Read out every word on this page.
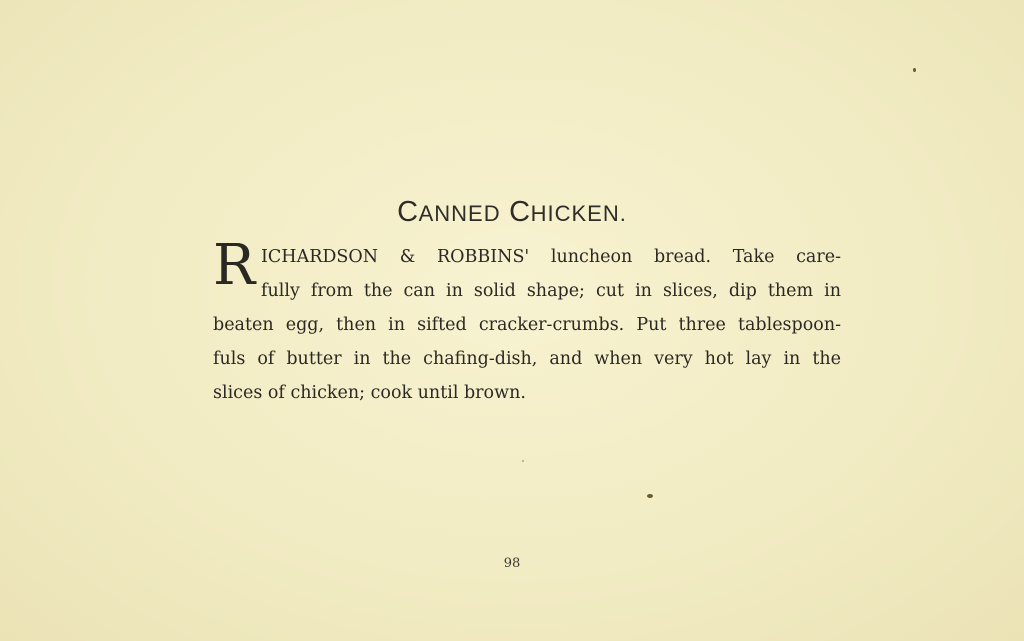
CANNED CHICKEN.
R ICHARDSON & ROBBINS' luncheon bread. Take care-
fully from the can in solid shape; cut in slices, dip them in
beaten egg, then in sifted cracker-crumbs. Put three tablespoon-
fuls of butter in the chafing-dish, and when very hot lay in the
slices of chicken; cook until brown.
98
